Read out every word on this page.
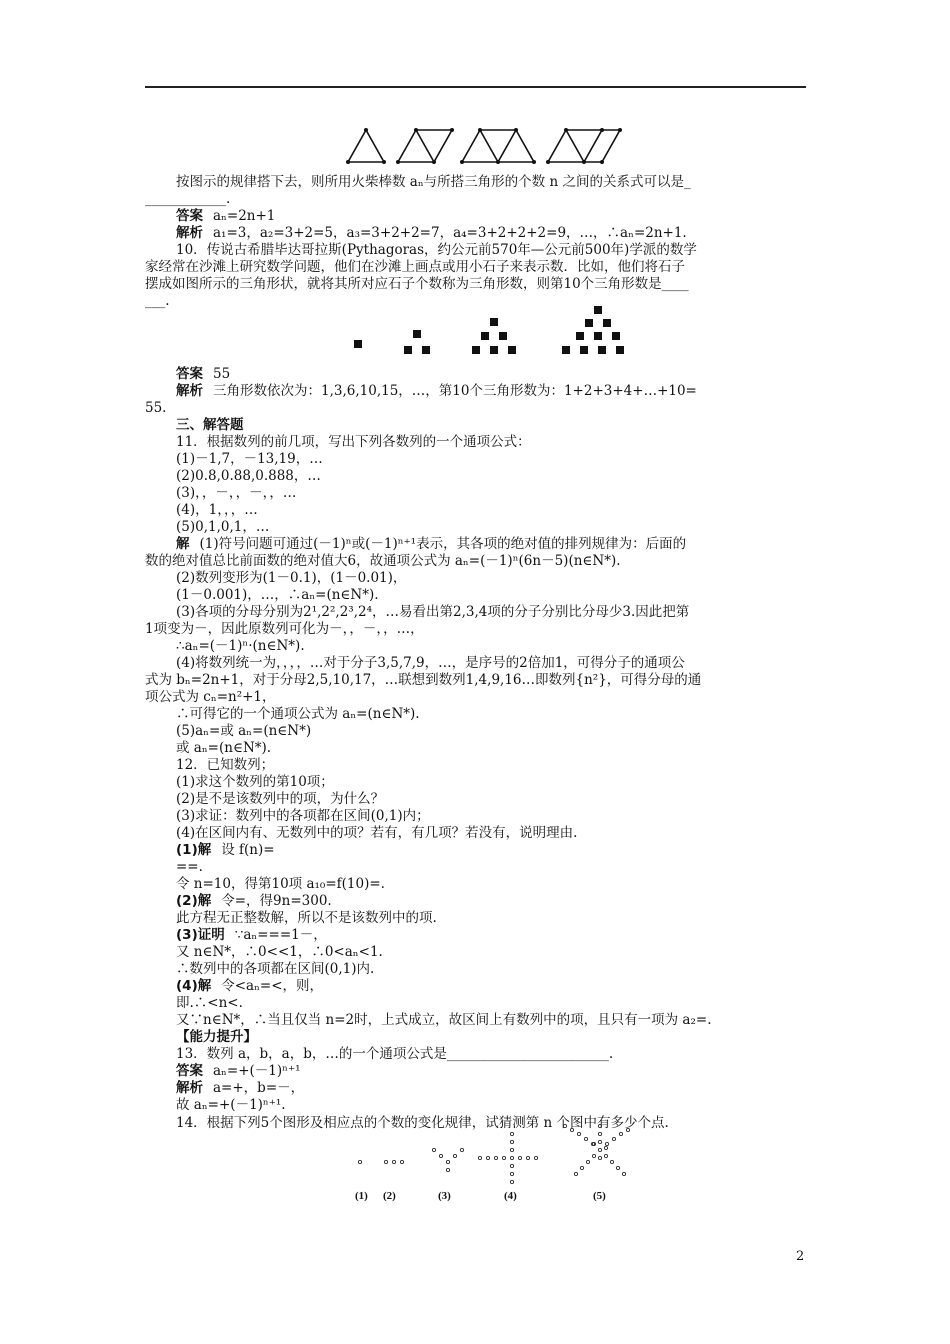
按图示的规律搭下去，则所用火柴棒数 aₙ与所搭三角形的个数 n 之间的关系式可以是_
____________.
答案 aₙ=2n+1
解析 a₁=3，a₂=3+2=5，a₃=3+2+2=7，a₄=3+2+2+2=9，…，∴aₙ=2n+1.
10．传说古希腊毕达哥拉斯(Pythagoras，约公元前570年—公元前500年)学派的数学
家经常在沙滩上研究数学问题，他们在沙滩上画点或用小石子来表示数．比如，他们将石子
摆成如图所示的三角形状，就将其所对应石子个数称为三角形数，则第10个三角形数是____
___.
答案 55
解析 三角形数依次为：1,3,6,10,15，…，第10个三角形数为：1+2+3+4+…+10=
55.
三、解答题
11．根据数列的前几项，写出下列各数列的一个通项公式：
(1)－1,7，－13,19，…
(2)0.8,0.88,0.888，…
(3)，，－，，－，，…
(4)，1，，，…
(5)0,1,0,1，…
解 (1)符号问题可通过(－1)ⁿ或(－1)ⁿ⁺¹表示，其各项的绝对值的排列规律为：后面的
数的绝对值总比前面数的绝对值大6，故通项公式为 aₙ=(－1)ⁿ(6n－5)(n∈N*).
(2)数列变形为(1－0.1)，(1－0.01)，
(1－0.001)，…，∴aₙ=(n∈N*).
(3)各项的分母分别为2¹,2²,2³,2⁴，…易看出第2,3,4项的分子分别比分母少3.因此把第
1项变为－，因此原数列可化为－，，－，，…，
∴aₙ=(－1)ⁿ·(n∈N*).
(4)将数列统一为，，，，…对于分子3,5,7,9，…，是序号的2倍加1，可得分子的通项公
式为 bₙ=2n+1，对于分母2,5,10,17，…联想到数列1,4,9,16…即数列{n²}，可得分母的通
项公式为 cₙ=n²+1，
∴可得它的一个通项公式为 aₙ=(n∈N*).
(5)aₙ=或 aₙ=(n∈N*)
或 aₙ=(n∈N*).
12．已知数列；
(1)求这个数列的第10项；
(2)是不是该数列中的项，为什么？
(3)求证：数列中的各项都在区间(0,1)内；
(4)在区间内有、无数列中的项？若有，有几项？若没有，说明理由.
(1)解 设 f(n)=
==.
令 n=10，得第10项 a₁₀=f(10)=.
(2)解 令=，得9n=300.
此方程无正整数解，所以不是该数列中的项.
(3)证明 ∵aₙ===1－，
又 n∈N*，∴0<<1，∴0<aₙ<1.
∴数列中的各项都在区间(0,1)内.
(4)解 令<aₙ=<，则，
即.∴<n<.
又∵n∈N*，∴当且仅当 n=2时，上式成立，故区间上有数列中的项，且只有一项为 a₂=.
【能力提升】
13．数列 a，b，a，b，…的一个通项公式是________________________.
答案 aₙ=+(－1)ⁿ⁺¹
解析 a=+，b=－，
故 aₙ=+(－1)ⁿ⁺¹.
14．根据下列5个图形及相应点的个数的变化规律，试猜测第 n 个图中有多少个点.
(1) (2)	(3)	(4)	(5)
2
